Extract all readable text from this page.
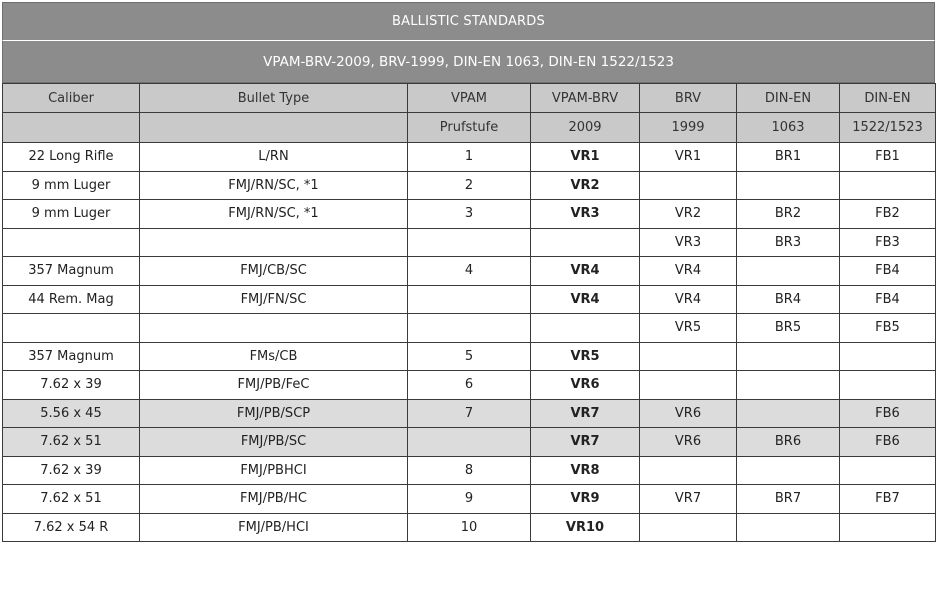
BALLISTIC STANDARDS
VPAM-BRV-2009, BRV-1999, DIN-EN 1063, DIN-EN 1522/1523
Caliber	Bullet Type	VPAM	VPAM-BRV	BRV	DIN-EN	DIN-EN
		Prufstufe	2009	1999	1063	1522/1523
22 Long Rifle	L/RN	1	VR1	VR1	BR1	FB1
9 mm Luger	FMJ/RN/SC, *1	2	VR2			
9 mm Luger	FMJ/RN/SC, *1	3	VR3	VR2	BR2	FB2
				VR3	BR3	FB3
357 Magnum	FMJ/CB/SC	4	VR4	VR4		FB4
44 Rem. Mag	FMJ/FN/SC		VR4	VR4	BR4	FB4
				VR5	BR5	FB5
357 Magnum	FMs/CB	5	VR5			
7.62 x 39	FMJ/PB/FeC	6	VR6			
5.56 x 45	FMJ/PB/SCP	7	VR7	VR6		FB6
7.62 x 51	FMJ/PB/SC		VR7	VR6	BR6	FB6
7.62 x 39	FMJ/PBHCI	8	VR8			
7.62 x 51	FMJ/PB/HC	9	VR9	VR7	BR7	FB7
7.62 x 54 R	FMJ/PB/HCI	10	VR10			
